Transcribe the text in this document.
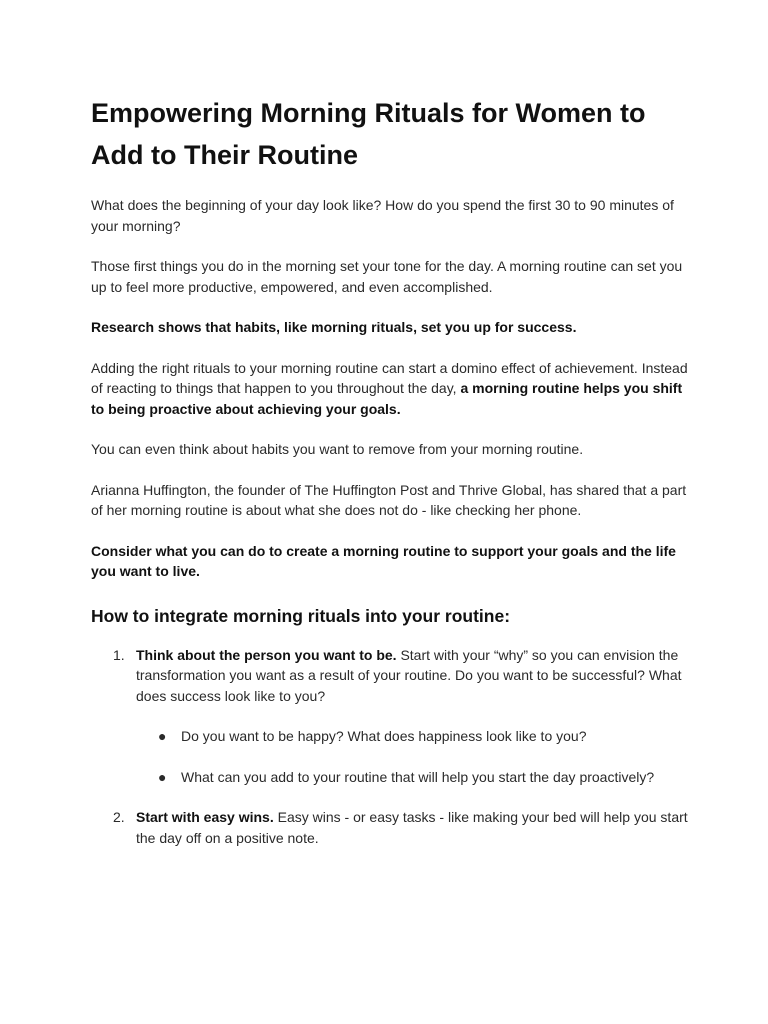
Empowering Morning Rituals for Women to Add to Their Routine

What does the beginning of your day look like? How do you spend the first 30 to 90 minutes of your morning?

Those first things you do in the morning set your tone for the day. A morning routine can set you up to feel more productive, empowered, and even accomplished.

Research shows that habits, like morning rituals, set you up for success.

Adding the right rituals to your morning routine can start a domino effect of achievement. Instead of reacting to things that happen to you throughout the day, a morning routine helps you shift to being proactive about achieving your goals.

You can even think about habits you want to remove from your morning routine.

Arianna Huffington, the founder of The Huffington Post and Thrive Global, has shared that a part of her morning routine is about what she does not do - like checking her phone.

Consider what you can do to create a morning routine to support your goals and the life you want to live.

How to integrate morning rituals into your routine:
1. Think about the person you want to be. Start with your “why” so you can envision the transformation you want as a result of your routine. Do you want to be successful? What does success look like to you?
● Do you want to be happy? What does happiness look like to you?
● What can you add to your routine that will help you start the day proactively?
2. Start with easy wins. Easy wins - or easy tasks - like making your bed will help you start the day off on a positive note.
